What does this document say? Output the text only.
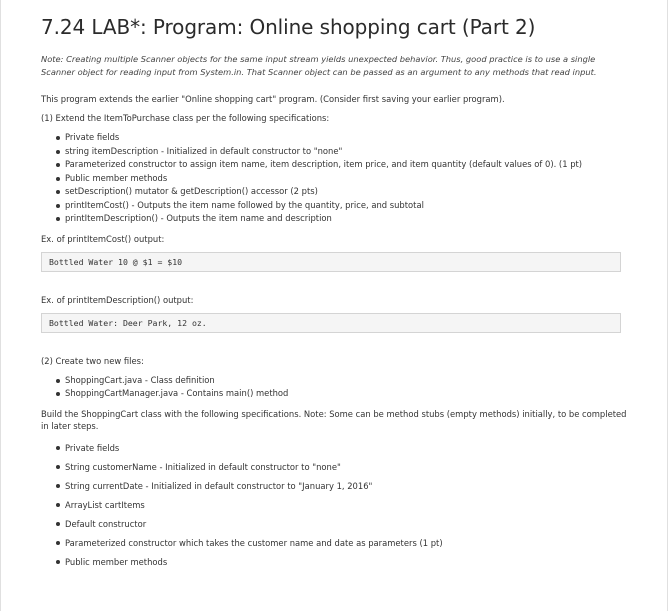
7.24 LAB*: Program: Online shopping cart (Part 2)

Note: Creating multiple Scanner objects for the same input stream yields unexpected behavior. Thus, good practice is to use a single Scanner object for reading input from System.in. That Scanner object can be passed as an argument to any methods that read input.

This program extends the earlier "Online shopping cart" program. (Consider first saving your earlier program).

(1) Extend the ItemToPurchase class per the following specifications:

Private fields
string itemDescription - Initialized in default constructor to "none"
Parameterized constructor to assign item name, item description, item price, and item quantity (default values of 0). (1 pt)
Public member methods
setDescription() mutator & getDescription() accessor (2 pts)
printItemCost() - Outputs the item name followed by the quantity, price, and subtotal
printItemDescription() - Outputs the item name and description

Ex. of printItemCost() output:

Bottled Water 10 @ $1 = $10

Ex. of printItemDescription() output:

Bottled Water: Deer Park, 12 oz.

(2) Create two new files:

ShoppingCart.java - Class definition
ShoppingCartManager.java - Contains main() method

Build the ShoppingCart class with the following specifications. Note: Some can be method stubs (empty methods) initially, to be completed in later steps.

Private fields
String customerName - Initialized in default constructor to "none"
String currentDate - Initialized in default constructor to "January 1, 2016"
ArrayList cartItems
Default constructor
Parameterized constructor which takes the customer name and date as parameters (1 pt)
Public member methods
